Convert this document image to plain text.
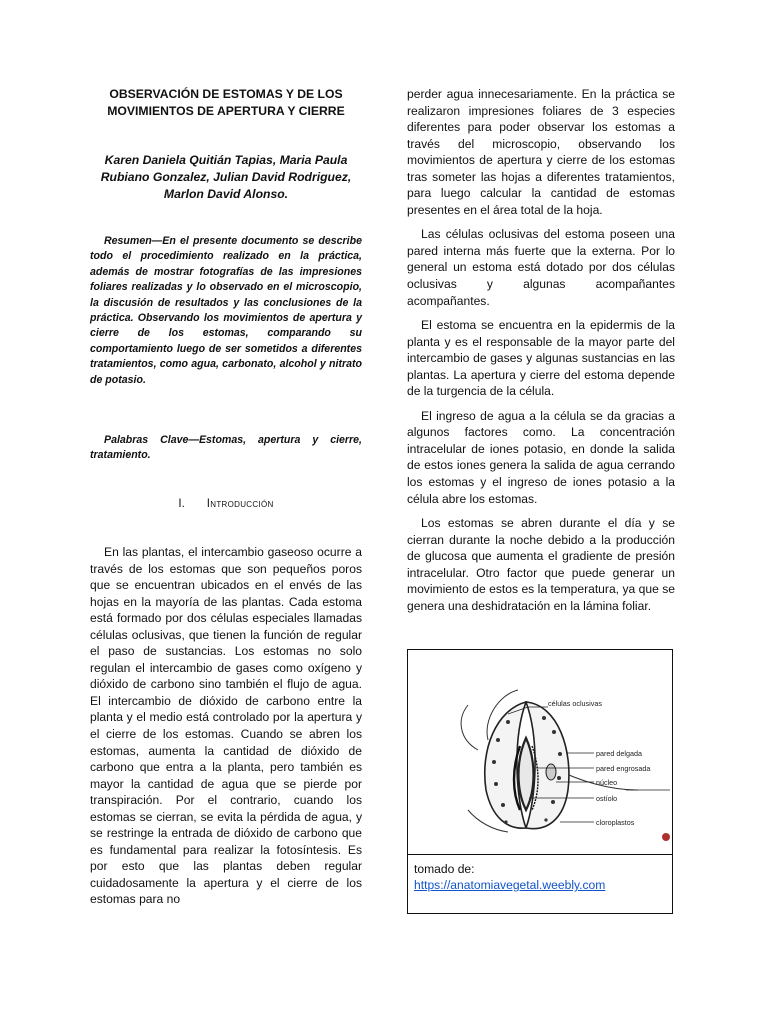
OBSERVACIÓN DE ESTOMAS Y DE LOS
MOVIMIENTOS DE APERTURA Y CIERRE
Karen Daniela Quitián Tapias, Maria Paula
Rubiano Gonzalez, Julian David Rodriguez,
Marlon David Alonso.
Resumen—En el presente documento se describe todo el procedimiento realizado en la práctica, además de mostrar fotografías de las impresiones foliares realizadas y lo observado en el microscopio, la discusión de resultados y las conclusiones de la práctica. Observando los movimientos de apertura y cierre de los estomas, comparando su comportamiento luego de ser sometidos a diferentes tratamientos, como agua, carbonato, alcohol y nitrato de potasio.
Palabras Clave—Estomas, apertura y cierre, tratamiento.
I. Introducción

En las plantas, el intercambio gaseoso ocurre a través de los estomas que son pequeños poros que se encuentran ubicados en el envés de las hojas en la mayoría de las plantas. Cada estoma está formado por dos células especiales llamadas células oclusivas, que tienen la función de regular el paso de sustancias. Los estomas no solo regulan el intercambio de gases como oxígeno y dióxido de carbono sino también el flujo de agua. El intercambio de dióxido de carbono entre la planta y el medio está controlado por la apertura y el cierre de los estomas. Cuando se abren los estomas, aumenta la cantidad de dióxido de carbono que entra a la planta, pero también es mayor la cantidad de agua que se pierde por transpiración. Por el contrario, cuando los estomas se cierran, se evita la pérdida de agua, y se restringe la entrada de dióxido de carbono que es fundamental para realizar la fotosíntesis. Es por esto que las plantas deben regular cuidadosamente la apertura y el cierre de los estomas para no

perder agua innecesariamente. En la práctica se realizaron impresiones foliares de 3 especies diferentes para poder observar los estomas a través del microscopio, observando los movimientos de apertura y cierre de los estomas tras someter las hojas a diferentes tratamientos, para luego calcular la cantidad de estomas presentes en el área total de la hoja.

Las células oclusivas del estoma poseen una pared interna más fuerte que la externa. Por lo general un estoma está dotado por dos células oclusivas y algunas acompañantes acompañantes.

El estoma se encuentra en la epidermis de la planta y es el responsable de la mayor parte del intercambio de gases y algunas sustancias en las plantas. La apertura y cierre del estoma depende de la turgencia de la célula.

El ingreso de agua a la célula se da gracias a algunos factores como. La concentración intracelular de iones potasio, en donde la salida de estos iones genera la salida de agua cerrando los estomas y el ingreso de iones potasio a la célula abre los estomas.

Los estomas se abren durante el día y se cierran durante la noche debido a la producción de glucosa que aumenta el gradiente de presión intracelular. Otro factor que puede generar un movimiento de estos es la temperatura, ya que se genera una deshidratación en la lámina foliar.

células oclusivas
pared delgada
pared engrosada
núcleo
ostíolo
cloroplastos
tomado de:
https://anatomiavegetal.weebly.com
